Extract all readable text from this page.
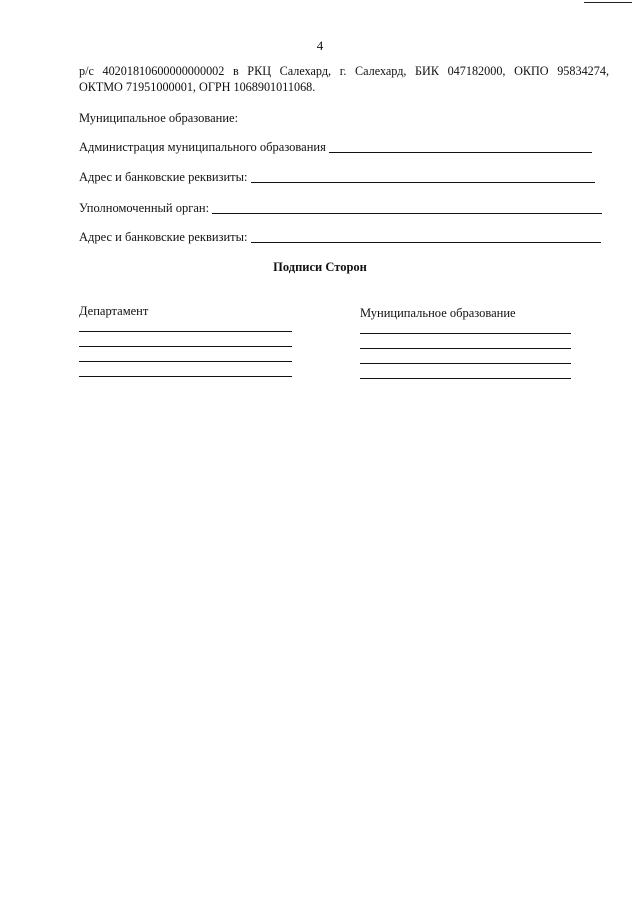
4
р/с 40201810600000000002 в РКЦ Салехард, г. Салехард, БИК 047182000, ОКПО 95834274,
ОКТМО 71951000001, ОГРН 1068901011068.
Муниципальное образование:
Администрация муниципального образования
Адрес и банковские реквизиты:
Уполномоченный орган:
Адрес и банковские реквизиты:
Подписи Сторон
Департамент	Муниципальное образование
